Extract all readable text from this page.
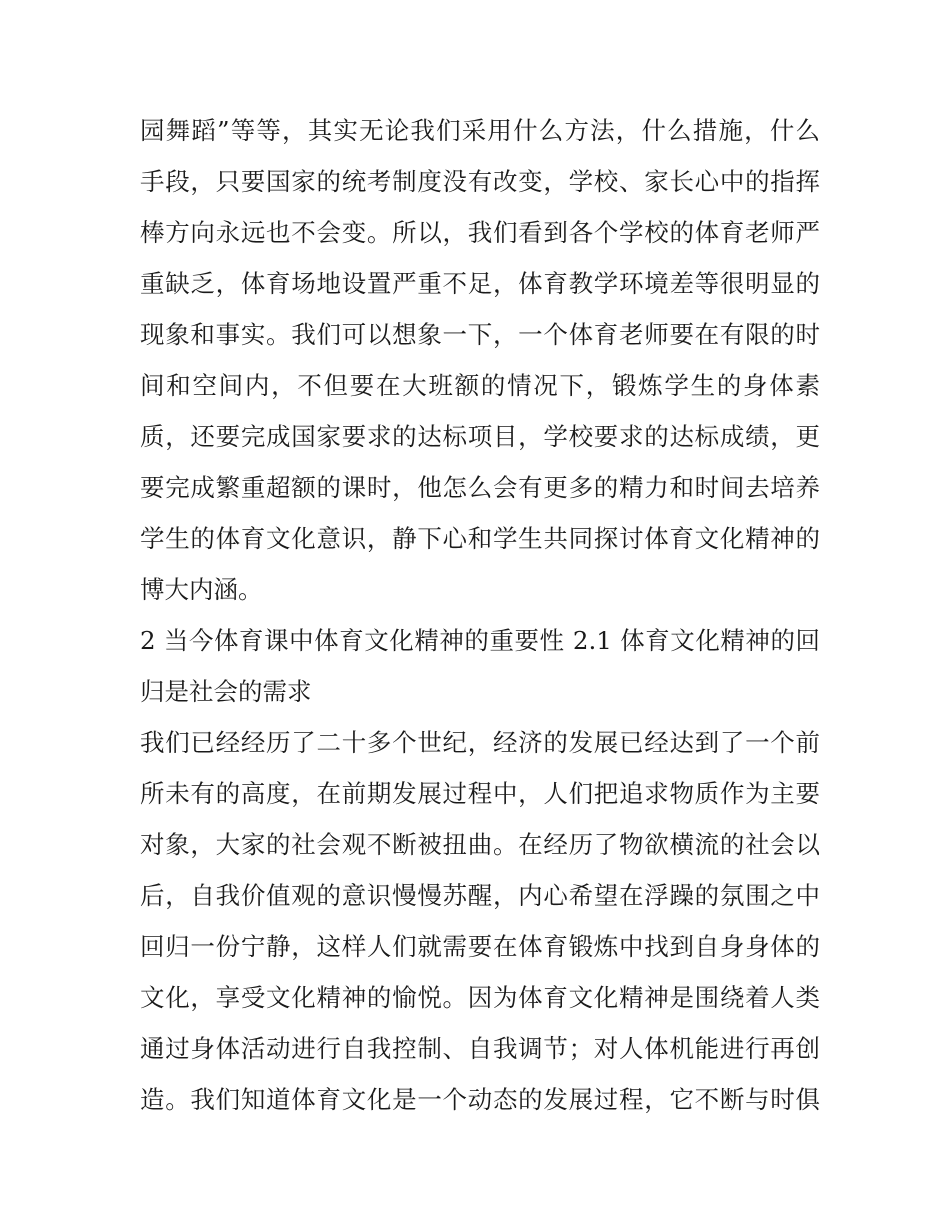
园舞蹈”等等，其实无论我们采用什么方法，什么措施，什么
手段，只要国家的统考制度没有改变，学校、家长心中的指挥
棒方向永远也不会变。所以，我们看到各个学校的体育老师严
重缺乏，体育场地设置严重不足，体育教学环境差等很明显的
现象和事实。我们可以想象一下，一个体育老师要在有限的时
间和空间内，不但要在大班额的情况下，锻炼学生的身体素
质，还要完成国家要求的达标项目，学校要求的达标成绩，更
要完成繁重超额的课时，他怎么会有更多的精力和时间去培养
学生的体育文化意识，静下心和学生共同探讨体育文化精神的
博大内涵。
2 当今体育课中体育文化精神的重要性 2.1 体育文化精神的回
归是社会的需求
我们已经经历了二十多个世纪，经济的发展已经达到了一个前
所未有的高度，在前期发展过程中，人们把追求物质作为主要
对象，大家的社会观不断被扭曲。在经历了物欲横流的社会以
后，自我价值观的意识慢慢苏醒，内心希望在浮躁的氛围之中
回归一份宁静，这样人们就需要在体育锻炼中找到自身身体的
文化，享受文化精神的愉悦。因为体育文化精神是围绕着人类
通过身体活动进行自我控制、自我调节；对人体机能进行再创
造。我们知道体育文化是一个动态的发展过程，它不断与时俱
